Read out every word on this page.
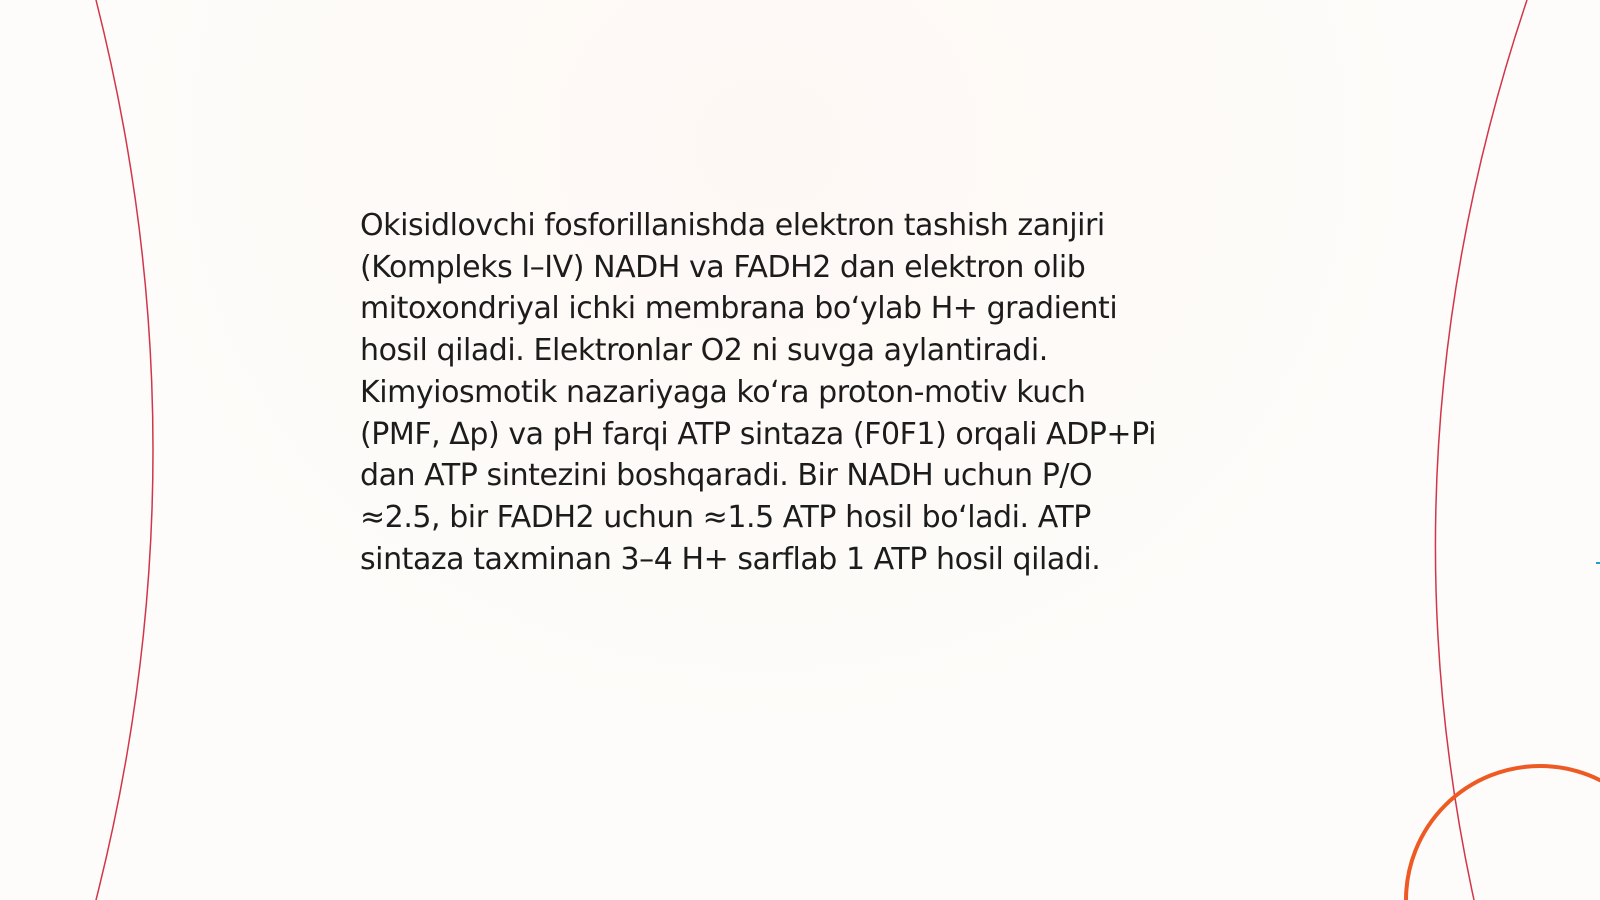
Okisidlovchi fosforillanishda elektron tashish zanjiri
(Kompleks I–IV) NADH va FADH2 dan elektron olib
mitoxondriyal ichki membrana bo‘ylab H+ gradienti
hosil qiladi. Elektronlar O2 ni suvga aylantiradi.
Kimyiosmotik nazariyaga ko‘ra proton-motiv kuch
(PMF, Δp) va pH farqi ATP sintaza (F0F1) orqali ADP+Pi
dan ATP sintezini boshqaradi. Bir NADH uchun P/O
≈2.5, bir FADH2 uchun ≈1.5 ATP hosil bo‘ladi. ATP
sintaza taxminan 3–4 H+ sarflab 1 ATP hosil qiladi.
